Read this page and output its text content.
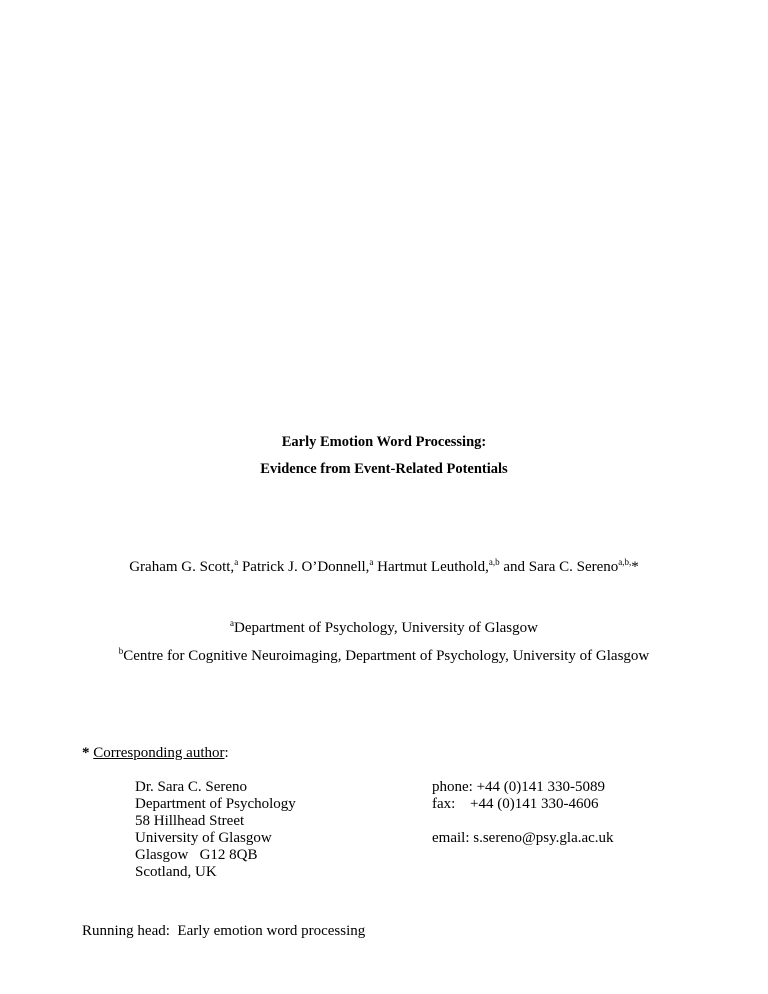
Early Emotion Word Processing:
Evidence from Event-Related Potentials
Graham G. Scott,$^a$ Patrick J. O’Donnell,$^a$ Hartmut Leuthold,$^{a,b}$ and Sara C. Sereno$^{a,b,}$*
$^a$Department of Psychology, University of Glasgow
$^b$Centre for Cognitive Neuroimaging, Department of Psychology, University of Glasgow
* Corresponding author:
Dr. Sara C. Sereno
Department of Psychology
58 Hillhead Street
University of Glasgow
Glasgow   G12 8QB
Scotland, UK
phone: +44 (0)141 330-5089
fax: +44 (0)141 330-4606
email: s.sereno@psy.gla.ac.uk
Running head:  Early emotion word processing
